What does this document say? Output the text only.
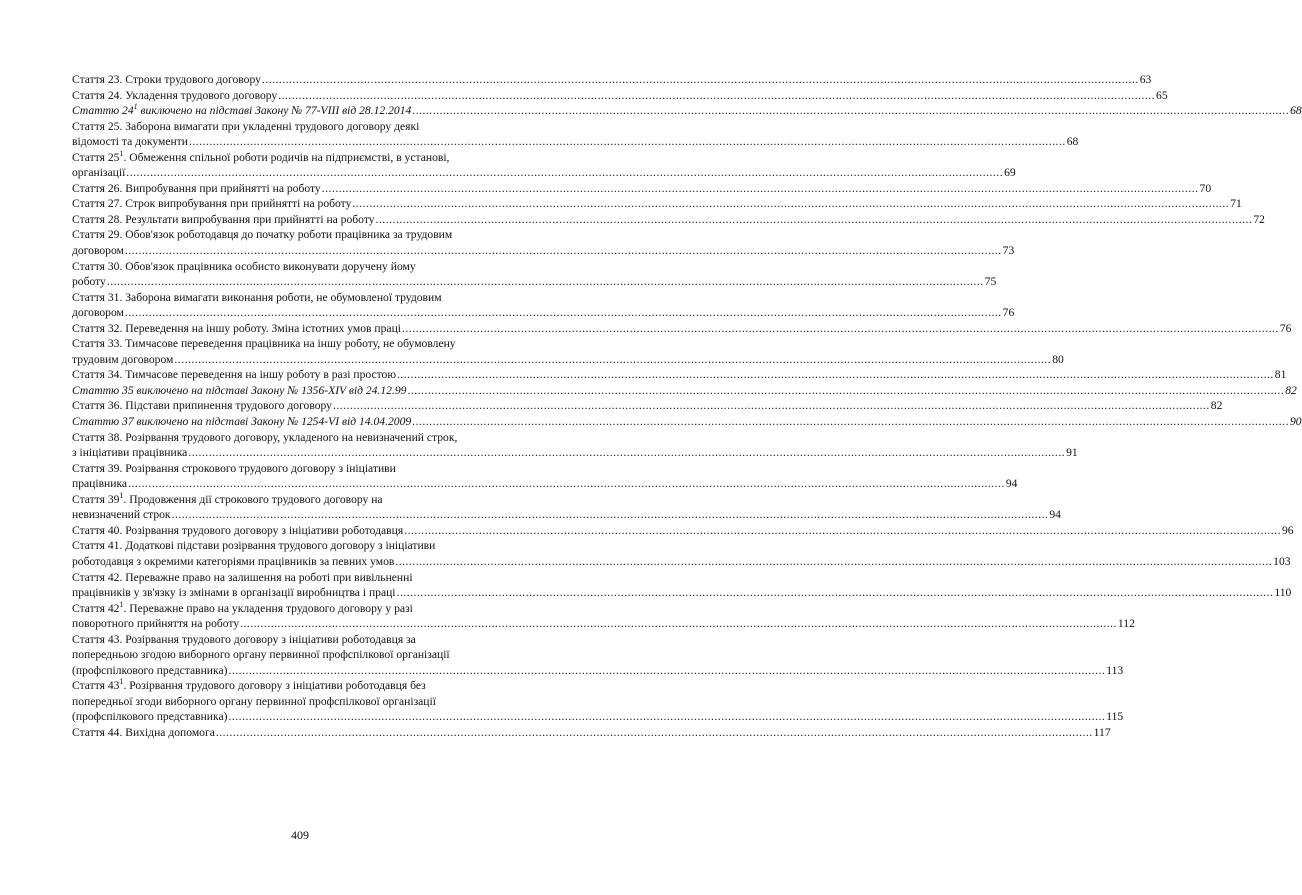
Стаття 23. Строки трудового договору .....	63
Стаття 24. Укладення трудового договору .....	65
Статтю $24^1$ виключено на підставі Закону № 77-VIII від 28.12.2014 .....	68
Стаття 25. Заборона вимагати при укладенні трудового договору деякі
відомості та документи .....	68
Стаття $25^1$. Обмеження спільної роботи родичів на підприємстві, в установі,
організації .....	69
Стаття 26. Випробування при прийнятті на роботу .....	70
Стаття 27. Строк випробування при прийнятті на роботу .....	71
Стаття 28. Результати випробування при прийнятті на роботу .....	72
Стаття 29. Обов'язок роботодавця до початку роботи працівника за трудовим
договором .....	73
Стаття 30. Обов'язок працівника особисто виконувати доручену йому
роботу .....	75
Стаття 31. Заборона вимагати виконання роботи, не обумовленої трудовим
договором .....	76
Стаття 32. Переведення на іншу роботу. Зміна істотних умов праці .....	76
Стаття 33. Тимчасове переведення працівника на іншу роботу, не обумовлену
трудовим договором .....	80
Стаття 34. Тимчасове переведення на іншу роботу в разі простою .....	81
Статтю 35 виключено на підставі Закону № 1356-XIV від 24.12.99 .....	82
Стаття 36. Підстави припинення трудового договору .....	82
Статтю 37 виключено на підставі Закону № 1254-VI від 14.04.2009 .....	90
Стаття 38. Розірвання трудового договору, укладеного на невизначений строк,
з ініціативи працівника .....	91
Стаття 39. Розірвання строкового трудового договору з ініціативи
працівника .....	94
Стаття $39^1$. Продовження дії строкового трудового договору на
невизначений строк .....	94
Стаття 40. Розірвання трудового договору з ініціативи роботодавця .....	96
Стаття 41. Додаткові підстави розірвання трудового договору з ініціативи
роботодавця з окремими категоріями працівників за певних умов .....	103
Стаття 42. Переважне право на залишення на роботі при вивільненні
працівників у зв'язку із змінами в організації виробництва і праці .....	110
Стаття $42^1$. Переважне право на укладення трудового договору у разі
поворотного прийняття на роботу .....	112
Стаття 43. Розірвання трудового договору з ініціативи роботодавця за
попередньою згодою виборного органу первинної профспілкової організації
(профспілкового представника) .....	113
Стаття $43^1$. Розірвання трудового договору з ініціативи роботодавця без
попередньої згоди виборного органу первинної профспілкової організації
(профспілкового представника) .....	115
Стаття 44. Вихідна допомога .....	117
409
